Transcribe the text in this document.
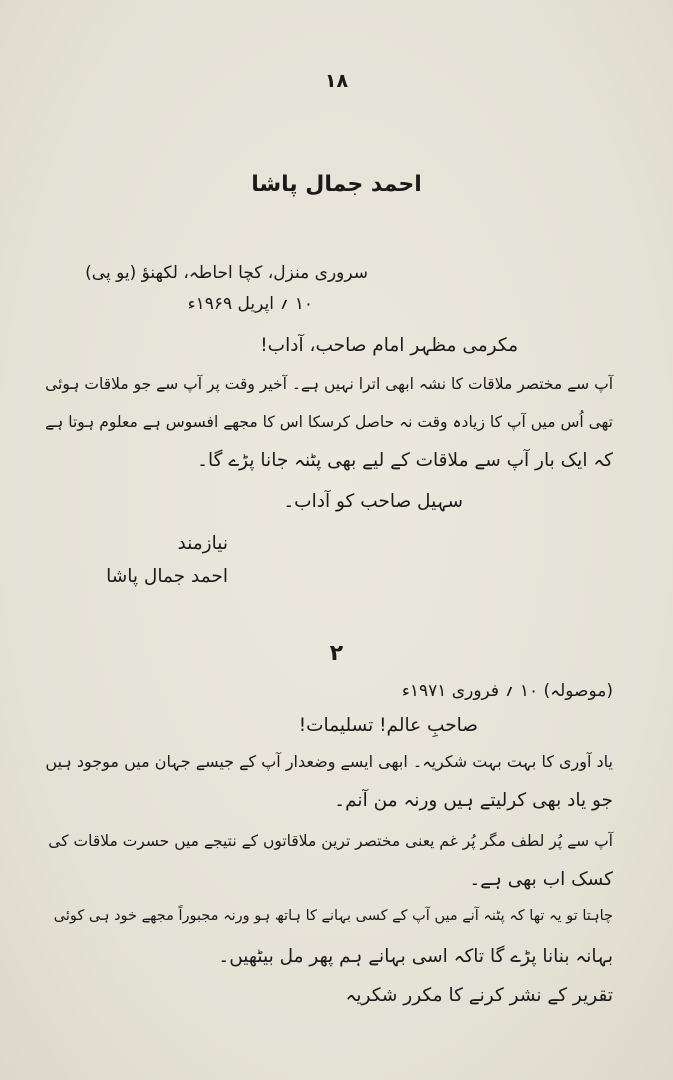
۱۸
احمد جمال پاشا
سروری منزل، کچا احاطہ، لکھنؤ (یو پی)
۱۰ ؍ اپریل ۱۹۶۹ء
مکرمی مظہر امام صاحب، آداب!
آپ سے مختصر ملاقات کا نشہ ابھی اترا نہیں ہے۔ آخیر وقت پر آپ سے جو ملاقات ہوئی
تھی اُس میں آپ کا زیادہ وقت نہ حاصل کرسکا اس کا مجھے افسوس ہے معلوم ہوتا ہے
کہ ایک بار آپ سے ملاقات کے لیے بھی پٹنہ جانا پڑے گا۔
سہیل صاحب کو آداب۔
نیازمند
احمد جمال پاشا
۲
(موصولہ) ۱۰ ؍ فروری ۱۹۷۱ء
صاحبِ عالم! تسلیمات!
یاد آوری کا بہت بہت شکریہ۔ ابھی ایسے وضعدار آپ کے جیسے جہان میں موجود ہیں
جو یاد بھی کرلیتے ہیں ورنہ من آنم۔
آپ سے پُر لطف مگر پُر غم یعنی مختصر ترین ملاقاتوں کے نتیجے میں حسرت ملاقات کی
کسک اب بھی ہے۔
چاہتا تو یہ تھا کہ پٹنہ آنے میں آپ کے کسی بہانے کا ہاتھ ہو ورنہ مجبوراً مجھے خود ہی کوئی
بہانہ بنانا پڑے گا تاکہ اسی بہانے ہم پھر مل بیٹھیں۔
تقریر کے نشر کرنے کا مکرر شکریہ
